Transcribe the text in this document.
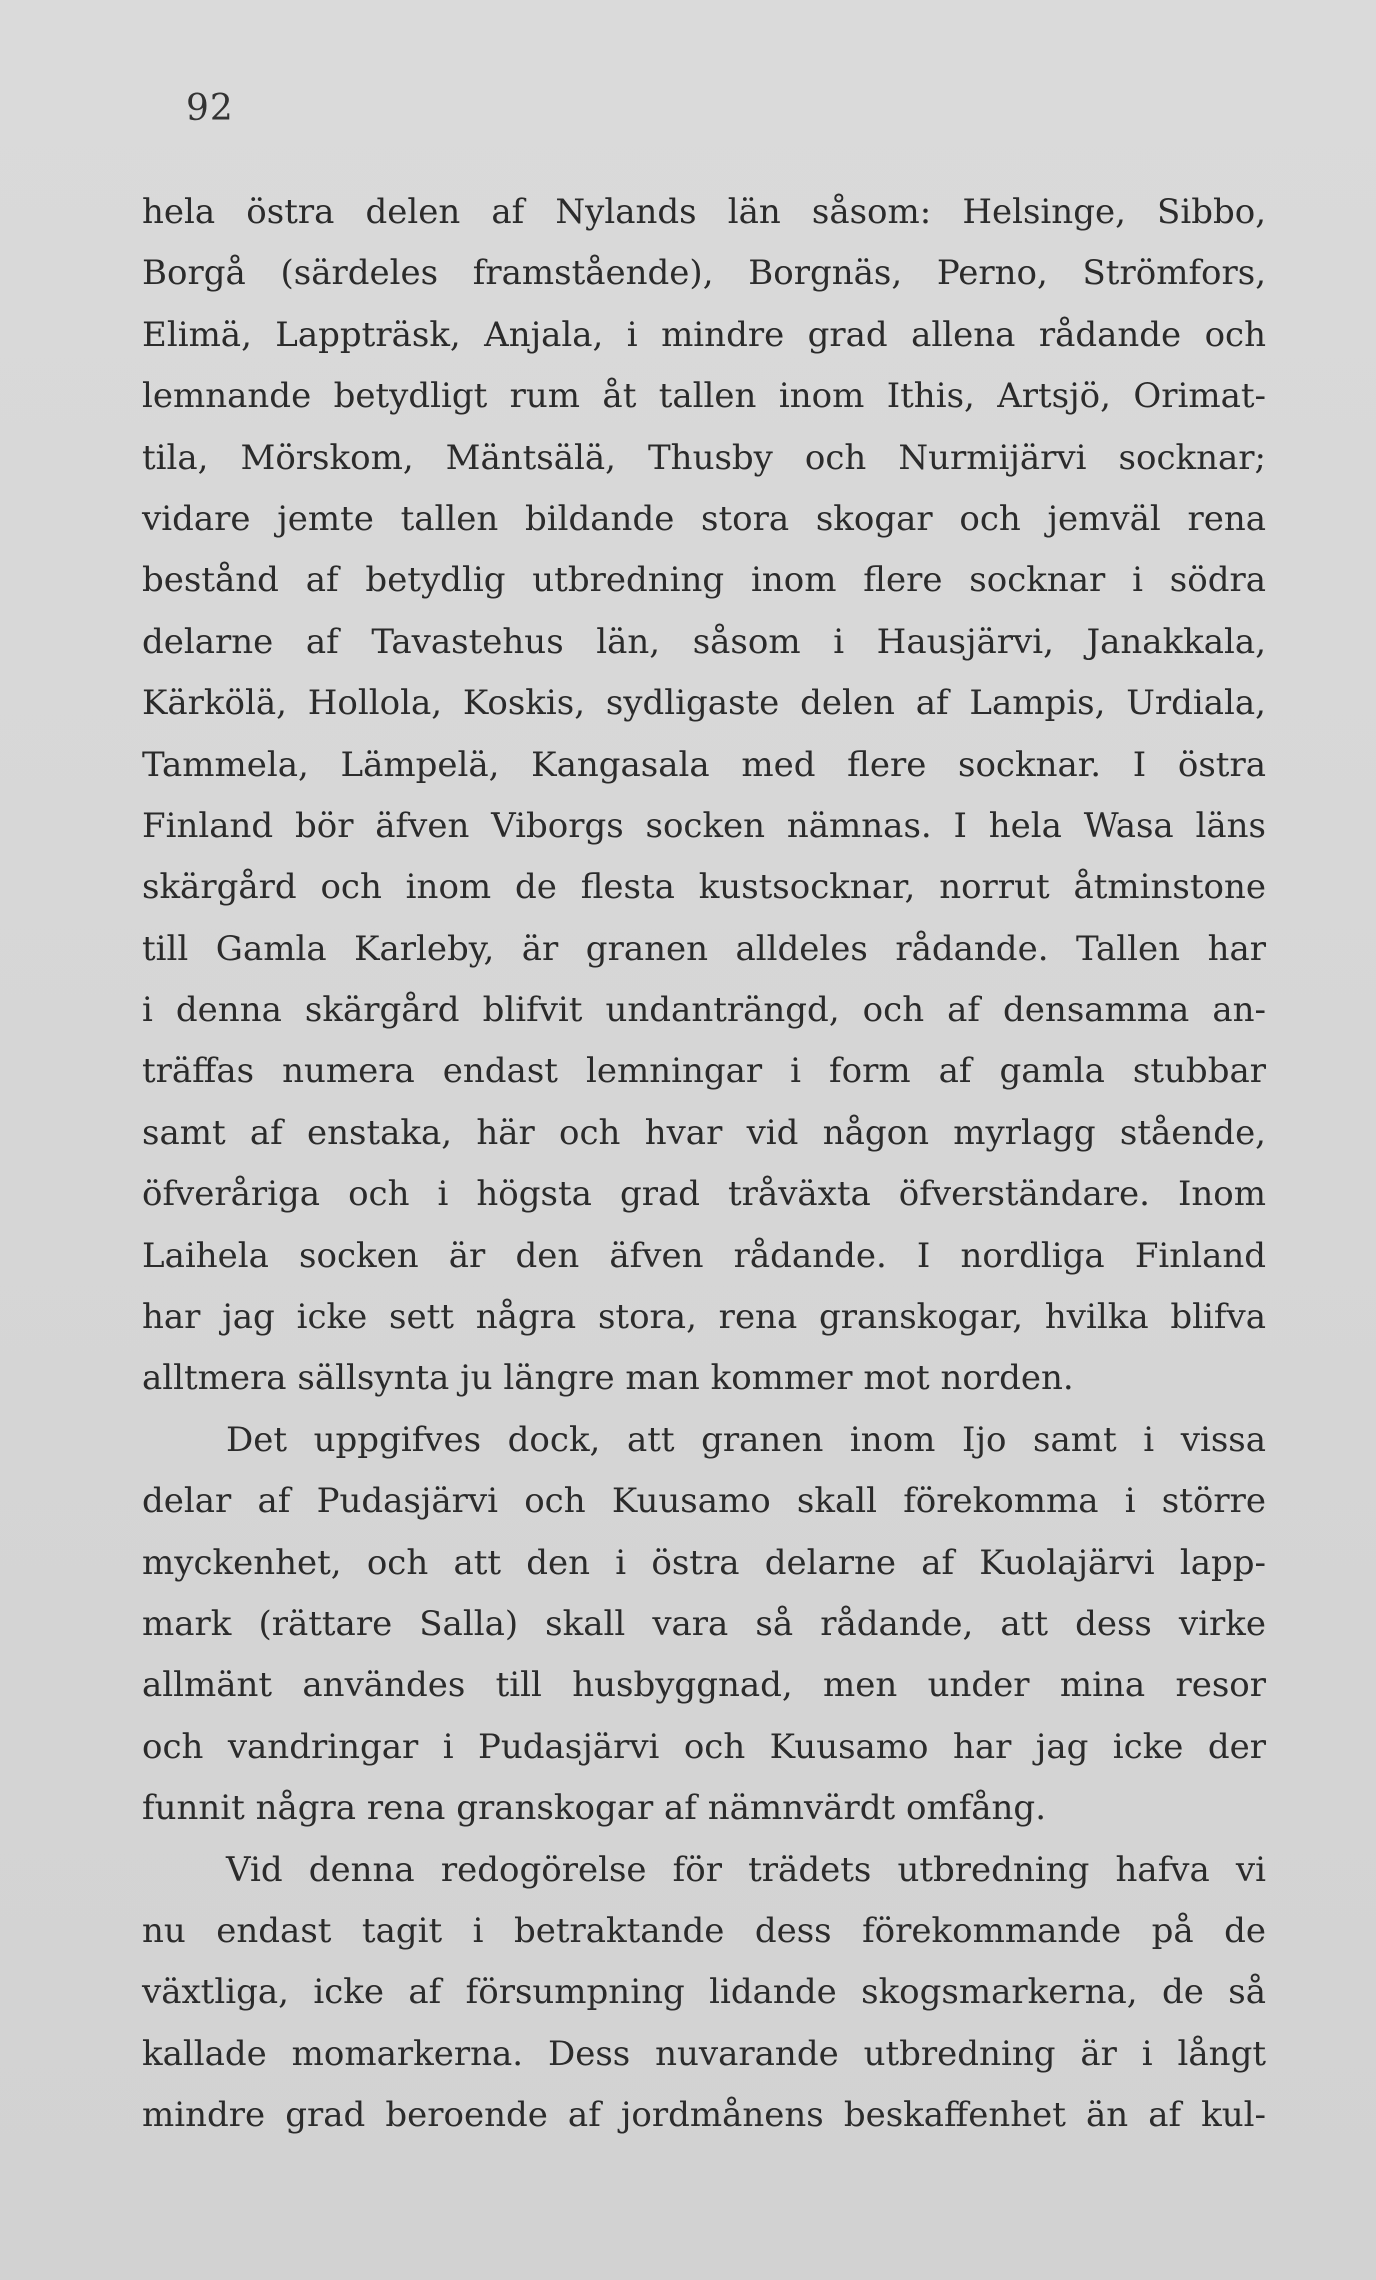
92
hela östra delen af Nylands län såsom: Helsinge, Sibbo,
Borgå (särdeles framstående), Borgnäs, Perno, Strömfors,
Elimä, Lappträsk, Anjala, i mindre grad allena rådande och
lemnande betydligt rum åt tallen inom Ithis, Artsjö, Orimat-
tila, Mörskom, Mäntsälä, Thusby och Nurmijärvi socknar;
vidare jemte tallen bildande stora skogar och jemväl rena
bestånd af betydlig utbredning inom flere socknar i södra
delarne af Tavastehus län, såsom i Hausjärvi, Janakkala,
Kärkölä, Hollola, Koskis, sydligaste delen af Lampis, Urdiala,
Tammela, Lämpelä, Kangasala med flere socknar. I östra
Finland bör äfven Viborgs socken nämnas. I hela Wasa läns
skärgård och inom de flesta kustsocknar, norrut åtminstone
till Gamla Karleby, är granen alldeles rådande. Tallen har
i denna skärgård blifvit undanträngd, och af densamma an-
träffas numera endast lemningar i form af gamla stubbar
samt af enstaka, här och hvar vid någon myrlagg stående,
öfveråriga och i högsta grad tråväxta öfverständare. Inom
Laihela socken är den äfven rådande. I nordliga Finland
har jag icke sett några stora, rena granskogar, hvilka blifva
alltmera sällsynta ju längre man kommer mot norden.
Det uppgifves dock, att granen inom Ijo samt i vissa
delar af Pudasjärvi och Kuusamo skall förekomma i större
myckenhet, och att den i östra delarne af Kuolajärvi lapp-
mark (rättare Salla) skall vara så rådande, att dess virke
allmänt användes till husbyggnad, men under mina resor
och vandringar i Pudasjärvi och Kuusamo har jag icke der
funnit några rena granskogar af nämnvärdt omfång.
Vid denna redogörelse för trädets utbredning hafva vi
nu endast tagit i betraktande dess förekommande på de
växtliga, icke af försumpning lidande skogsmarkerna, de så
kallade momarkerna. Dess nuvarande utbredning är i långt
mindre grad beroende af jordmånens beskaffenhet än af kul-
